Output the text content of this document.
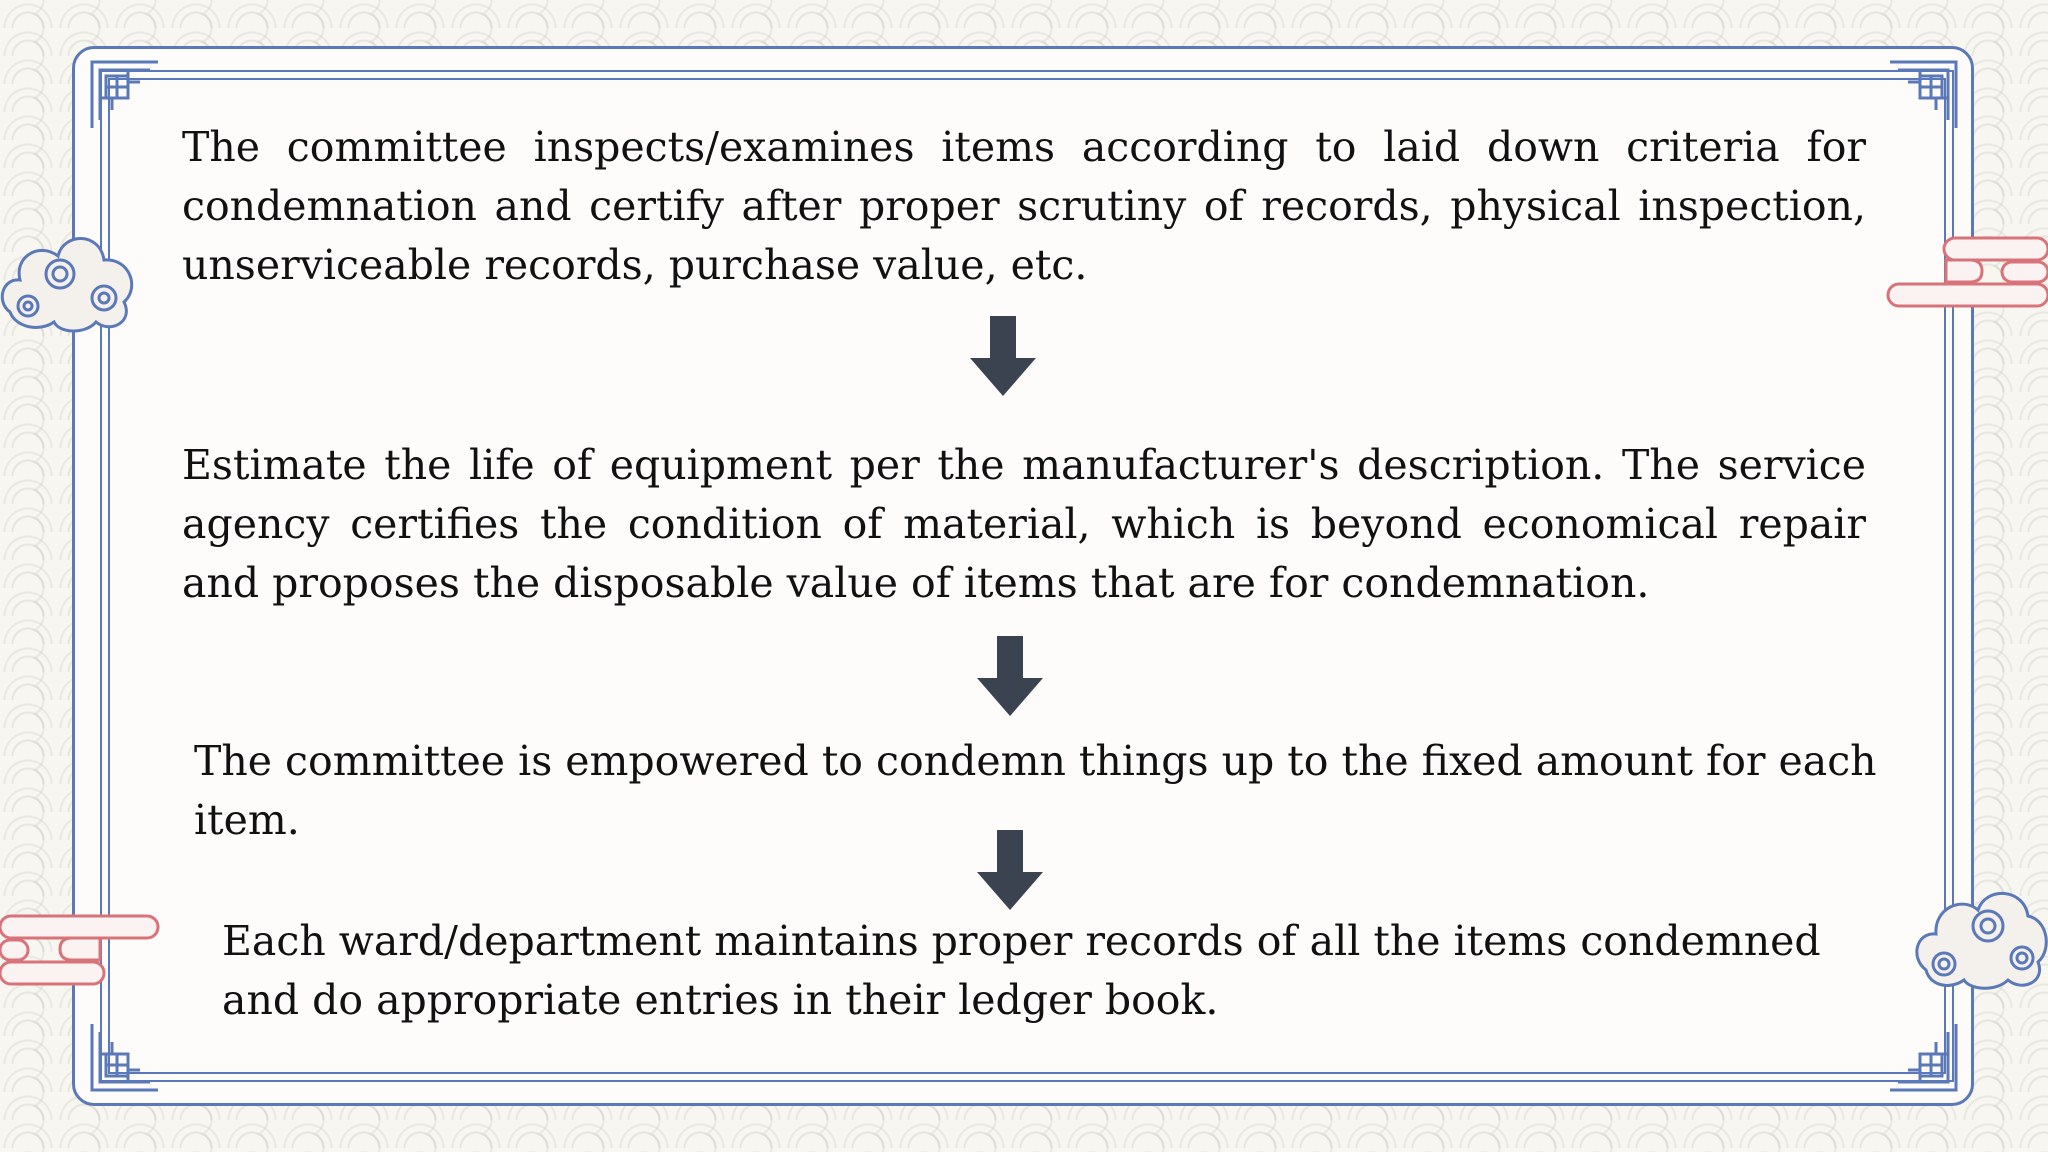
The committee inspects/examines items according to laid down criteria for condemnation and certify after proper scrutiny of records, physical inspection, unserviceable records, purchase value, etc.

Estimate the life of equipment per the manufacturer's description. The service agency certifies the condition of material, which is beyond economical repair and proposes the disposable value of items that are for condemnation.

The committee is empowered to condemn things up to the fixed amount for each item.

Each ward/department maintains proper records of all the items condemned and do appropriate entries in their ledger book.
